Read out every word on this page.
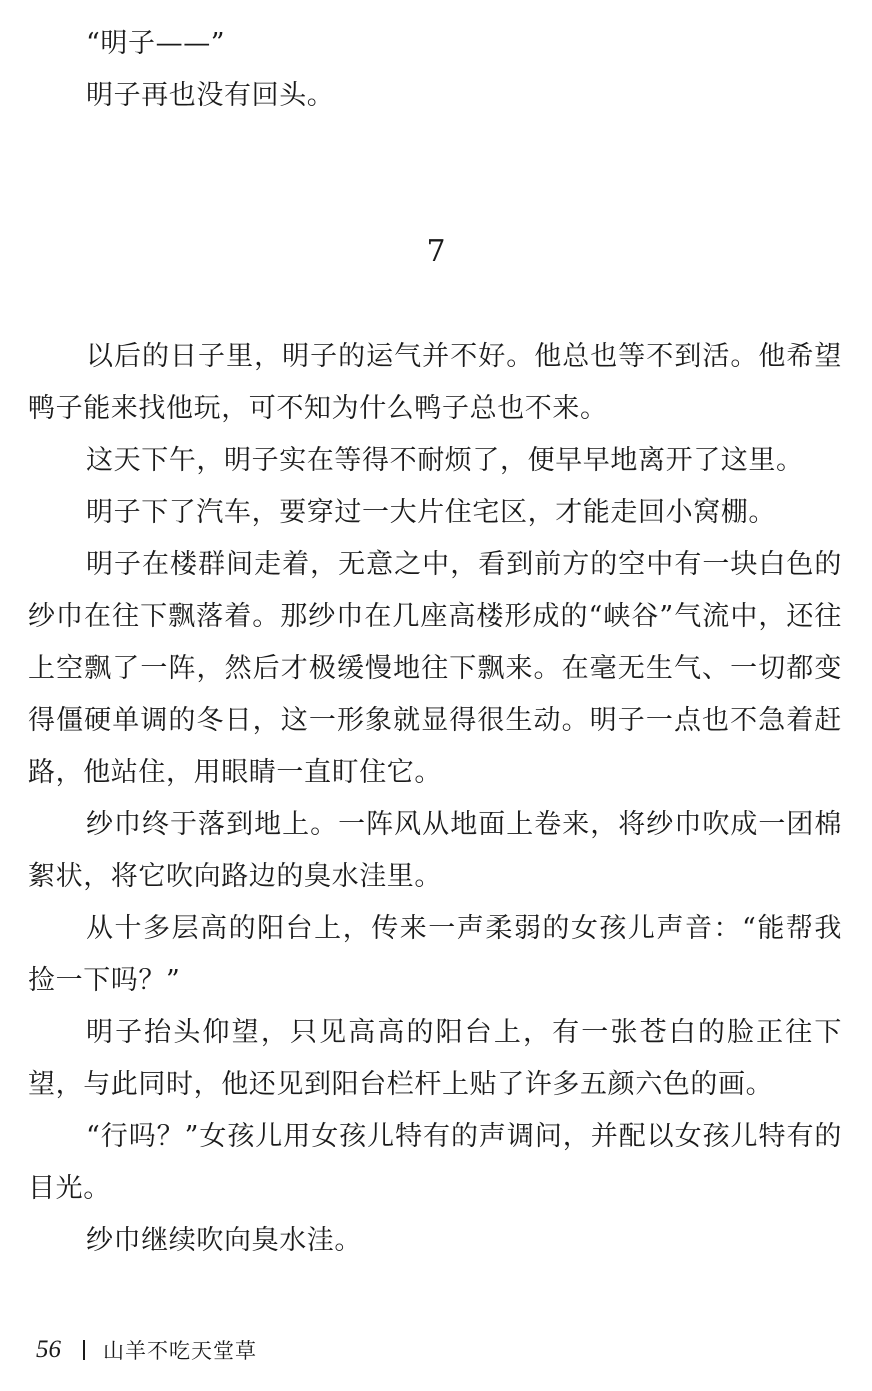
“明子——”

明子再也没有回头。

7

以后的日子里，明子的运气并不好。他总也等不到活。他希望鸭子能来找他玩，可不知为什么鸭子总也不来。

这天下午，明子实在等得不耐烦了，便早早地离开了这里。

明子下了汽车，要穿过一大片住宅区，才能走回小窝棚。

明子在楼群间走着，无意之中，看到前方的空中有一块白色的纱巾在往下飘落着。那纱巾在几座高楼形成的“峡谷”气流中，还往上空飘了一阵，然后才极缓慢地往下飘来。在毫无生气、一切都变得僵硬单调的冬日，这一形象就显得很生动。明子一点也不急着赶路，他站住，用眼睛一直盯住它。

纱巾终于落到地上。一阵风从地面上卷来，将纱巾吹成一团棉絮状，将它吹向路边的臭水洼里。

从十多层高的阳台上，传来一声柔弱的女孩儿声音：“能帮我捡一下吗？”

明子抬头仰望，只见高高的阳台上，有一张苍白的脸正往下望，与此同时，他还见到阳台栏杆上贴了许多五颜六色的画。

“行吗？”女孩儿用女孩儿特有的声调问，并配以女孩儿特有的目光。

纱巾继续吹向臭水洼。

56 山羊不吃天堂草
